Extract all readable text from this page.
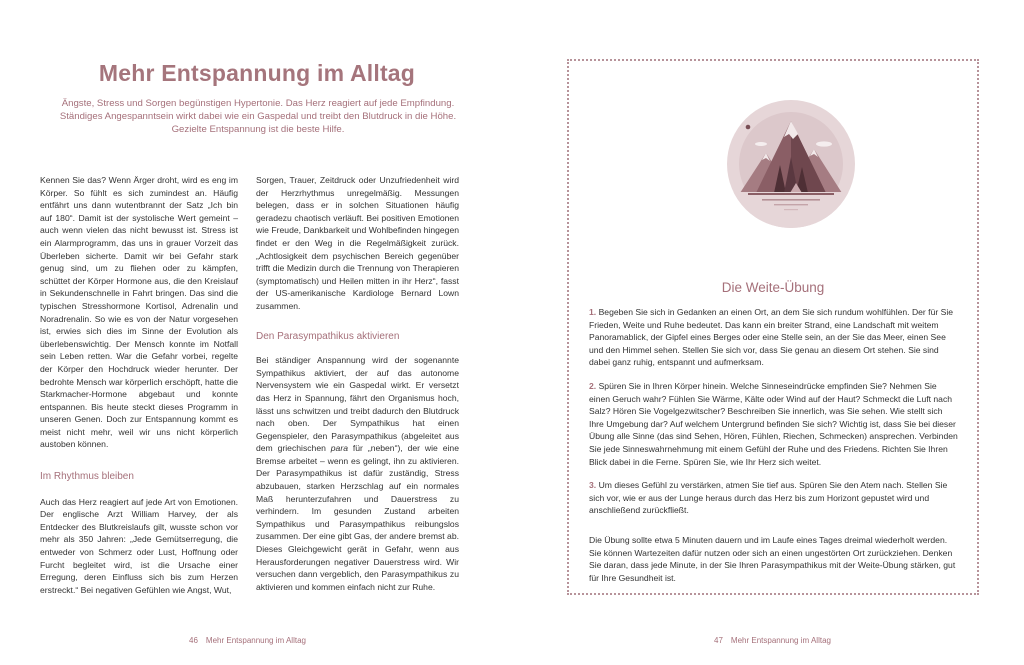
Mehr Entspannung im Alltag
Ängste, Stress und Sorgen begünstigen Hypertonie. Das Herz reagiert auf jede Empfindung. Ständiges Angespanntsein wirkt dabei wie ein Gaspedal und treibt den Blutdruck in die Höhe. Gezielte Entspannung ist die beste Hilfe.

Kennen Sie das? Wenn Ärger droht, wird es eng im Körper. So fühlt es sich zumindest an. Häufig entfährt uns dann wutentbrannt der Satz „Ich bin auf 180“. Damit ist der systolische Wert gemeint – auch wenn vielen das nicht bewusst ist. Stress ist ein Alarmprogramm, das uns in grauer Vorzeit das Überleben sicherte. Damit wir bei Gefahr stark genug sind, um zu fliehen oder zu kämpfen, schüttet der Körper Hormone aus, die den Kreislauf in Sekundenschnelle in Fahrt bringen. Das sind die typischen Stresshormone Kortisol, Adrenalin und Noradrenalin. So wie es von der Natur vorgesehen ist, erwies sich dies im Sinne der Evolution als überlebenswichtig. Der Mensch konnte im Notfall sein Leben retten. War die Gefahr vorbei, regelte der Körper den Hochdruck wieder herunter. Der bedrohte Mensch war körperlich erschöpft, hatte die Starkmacher-Hormone abgebaut und konnte entspannen. Bis heute steckt dieses Programm in unseren Genen. Doch zur Entspannung kommt es meist nicht mehr, weil wir uns nicht körperlich austoben können.

Im Rhythmus bleiben

Auch das Herz reagiert auf jede Art von Emotionen. Der englische Arzt William Harvey, der als Entdecker des Blutkreislaufs gilt, wusste schon vor mehr als 350 Jahren: „Jede Gemütserregung, die entweder von Schmerz oder Lust, Hoffnung oder Furcht begleitet wird, ist die Ursache einer Erregung, deren Einfluss sich bis zum Herzen erstreckt.“ Bei negativen Gefühlen wie Angst, Wut,

Sorgen, Trauer, Zeitdruck oder Unzufriedenheit wird der Herzrhythmus unregelmäßig. Messungen belegen, dass er in solchen Situationen häufig geradezu chaotisch verläuft. Bei positiven Emotionen wie Freude, Dankbarkeit und Wohlbefinden hingegen findet er den Weg in die Regelmäßigkeit zurück. „Achtlosigkeit dem psychischen Bereich gegenüber trifft die Medizin durch die Trennung von Therapieren (symptomatisch) und Heilen mitten in ihr Herz“, fasst der US-amerikanische Kardiologe Bernard Lown zusammen.

Den Parasympathikus aktivieren

Bei ständiger Anspannung wird der sogenannte Sympathikus aktiviert, der auf das autonome Nervensystem wie ein Gaspedal wirkt. Er versetzt das Herz in Spannung, fährt den Organismus hoch, lässt uns schwitzen und treibt dadurch den Blutdruck nach oben. Der Sympathikus hat einen Gegenspieler, den Parasympathikus (abgeleitet aus dem griechischen para für „neben“), der wie eine Bremse arbeitet – wenn es gelingt, ihn zu aktivieren. Der Parasympathikus ist dafür zuständig, Stress abzubauen, starken Herzschlag auf ein normales Maß herunterzufahren und Dauerstress zu verhindern. Im gesunden Zustand arbeiten Sympathikus und Parasympathikus reibungslos zusammen. Der eine gibt Gas, der andere bremst ab. Dieses Gleichgewicht gerät in Gefahr, wenn aus Herausforderungen negativer Dauerstress wird. Wir versuchen dann vergeblich, den Parasympathikus zu aktivieren und kommen einfach nicht zur Ruhe.

46 Mehr Entspannung im Alltag
Die Weite-Übung

1. Begeben Sie sich in Gedanken an einen Ort, an dem Sie sich rundum wohlfühlen. Der für Sie Frieden, Weite und Ruhe bedeutet. Das kann ein breiter Strand, eine Landschaft mit weitem Panoramablick, der Gipfel eines Berges oder eine Stelle sein, an der Sie das Meer, einen See und den Himmel sehen. Stellen Sie sich vor, dass Sie genau an diesem Ort stehen. Sie sind dabei ganz ruhig, entspannt und aufmerksam.

2. Spüren Sie in Ihren Körper hinein. Welche Sinneseindrücke empfinden Sie? Nehmen Sie einen Geruch wahr? Fühlen Sie Wärme, Kälte oder Wind auf der Haut? Schmeckt die Luft nach Salz? Hören Sie Vogelgezwitscher? Beschreiben Sie innerlich, was Sie sehen. Wie stellt sich Ihre Umgebung dar? Auf welchem Untergrund befinden Sie sich? Wichtig ist, dass Sie bei dieser Übung alle Sinne (das sind Sehen, Hören, Fühlen, Riechen, Schmecken) ansprechen. Verbinden Sie jede Sinneswahrnehmung mit einem Gefühl der Ruhe und des Friedens. Richten Sie Ihren Blick dabei in die Ferne. Spüren Sie, wie Ihr Herz sich weitet.

3. Um dieses Gefühl zu verstärken, atmen Sie tief aus. Spüren Sie den Atem nach. Stellen Sie sich vor, wie er aus der Lunge heraus durch das Herz bis zum Horizont gepustet wird und anschließend zurückfließt.

Die Übung sollte etwa 5 Minuten dauern und im Laufe eines Tages dreimal wiederholt werden. Sie können Wartezeiten dafür nutzen oder sich an einen ungestörten Ort zurückziehen. Denken Sie daran, dass jede Minute, in der Sie Ihren Parasympathikus mit der Weite-Übung stärken, gut für Ihre Gesundheit ist.

47 Mehr Entspannung im Alltag
